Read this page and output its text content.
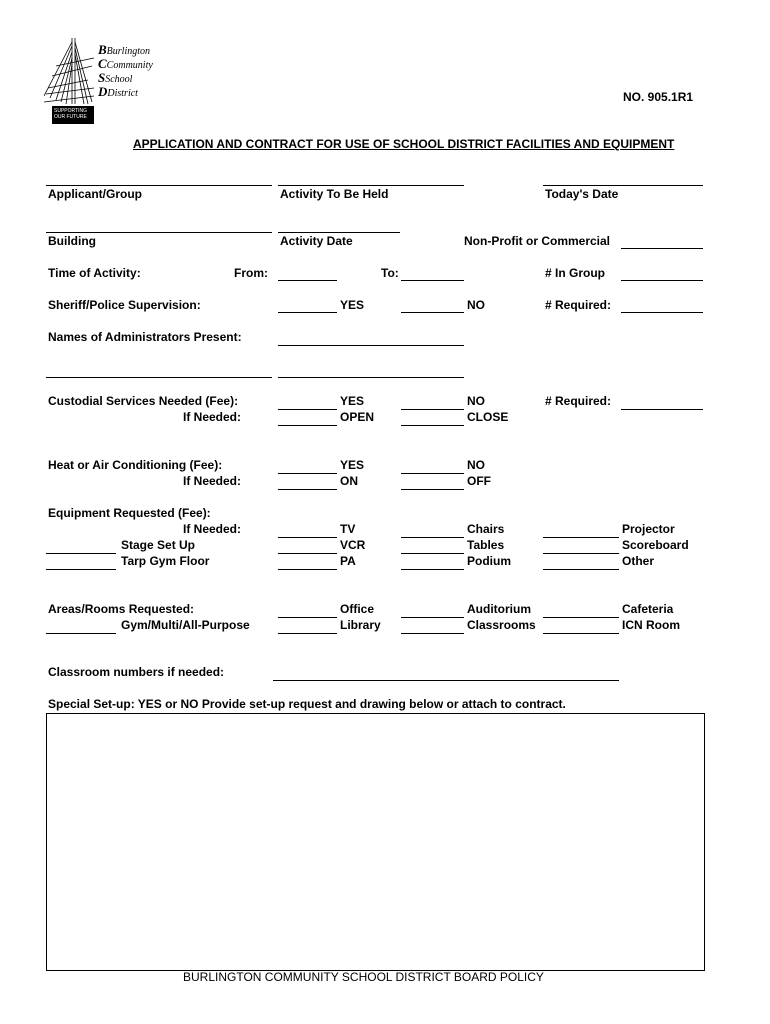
BBurlington
CCommunity
SSchool
DDistrict
SUPPORTING
OUR FUTURE
NO. 905.1R1
APPLICATION AND CONTRACT FOR USE OF SCHOOL DISTRICT FACILITIES AND EQUIPMENT
Applicant/Group	Activity To Be Held	Today's Date
Building	Activity Date	Non-Profit or Commercial
Time of Activity:	From:	To:	# In Group
Sheriff/Police Supervision:	YES	NO	# Required:
Names of Administrators Present:
Custodial Services Needed (Fee):	YES	NO	# Required:
If Needed:	OPEN	CLOSE
Heat or Air Conditioning (Fee):	YES	NO
If Needed:	ON	OFF
Equipment Requested (Fee):
If Needed:	TV	Chairs	Projector
Stage Set Up	VCR	Tables	Scoreboard
Tarp Gym Floor	PA	Podium	Other
Areas/Rooms Requested:	Office	Auditorium	Cafeteria
Gym/Multi/All-Purpose	Library	Classrooms	ICN Room
Classroom numbers if needed:
Special Set-up: YES or NO Provide set-up request and drawing below or attach to contract.
BURLINGTON COMMUNITY SCHOOL DISTRICT BOARD POLICY
